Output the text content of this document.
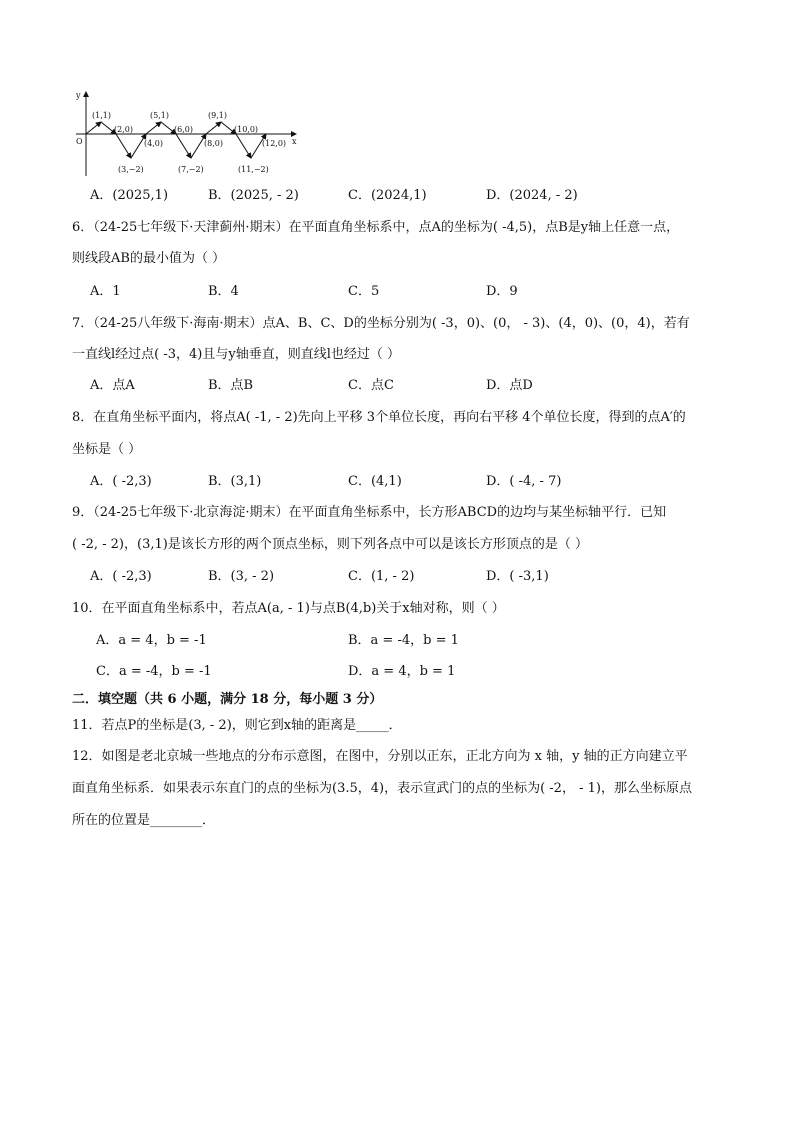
y
x
O
(1,1)	(5,1)	(9,1)
(2,0)
(4,0)
(6,0)
(8,0)
(10,0)
(12,0)
(3,−2)	(7,−2)	(11,−2)
A．(2025,1)	B．(2025, - 2)	C．(2024,1)	D．(2024, - 2)
6．（24-25七年级下·天津蓟州·期末）在平面直角坐标系中，点A的坐标为( -4,5)，点B是y轴上任意一点，
则线段AB的最小值为（ ）
A．1	B．4	C．5	D．9
7．（24-25八年级下·海南·期末）点A、B、C、D的坐标分别为( -3，0)、(0， - 3)、(4，0)、(0，4)，若有
一直线l经过点( -3，4)且与y轴垂直，则直线l也经过（ ）
A．点A	B．点B	C．点C	D．点D
8．在直角坐标平面内，将点A( -1, - 2)先向上平移 3个单位长度，再向右平移 4个单位长度，得到的点A′的
坐标是（ ）
A．( -2,3)	B．(3,1)	C．(4,1)	D．( -4, - 7)
9．（24-25七年级下·北京海淀·期末）在平面直角坐标系中，长方形ABCD的边均与某坐标轴平行．已知
( -2, - 2)，(3,1)是该长方形的两个顶点坐标，则下列各点中可以是该长方形顶点的是（ ）
A．( -2,3)	B．(3, - 2)	C．(1, - 2)	D．( -3,1)
10．在平面直角坐标系中，若点A(a, - 1)与点B(4,b)关于x轴对称，则（ ）
A．a = 4，b = -1	B．a = -4，b = 1
C．a = -4，b = -1	D．a = 4，b = 1
二．填空题（共 6 小题，满分 18 分，每小题 3 分）
11．若点P的坐标是(3, - 2)，则它到x轴的距离是_____．
12．如图是老北京城一些地点的分布示意图，在图中，分别以正东，正北方向为 x 轴，y 轴的正方向建立平
面直角坐标系．如果表示东直门的点的坐标为(3.5，4)，表示宣武门的点的坐标为( -2， - 1)，那么坐标原点
所在的位置是________．
